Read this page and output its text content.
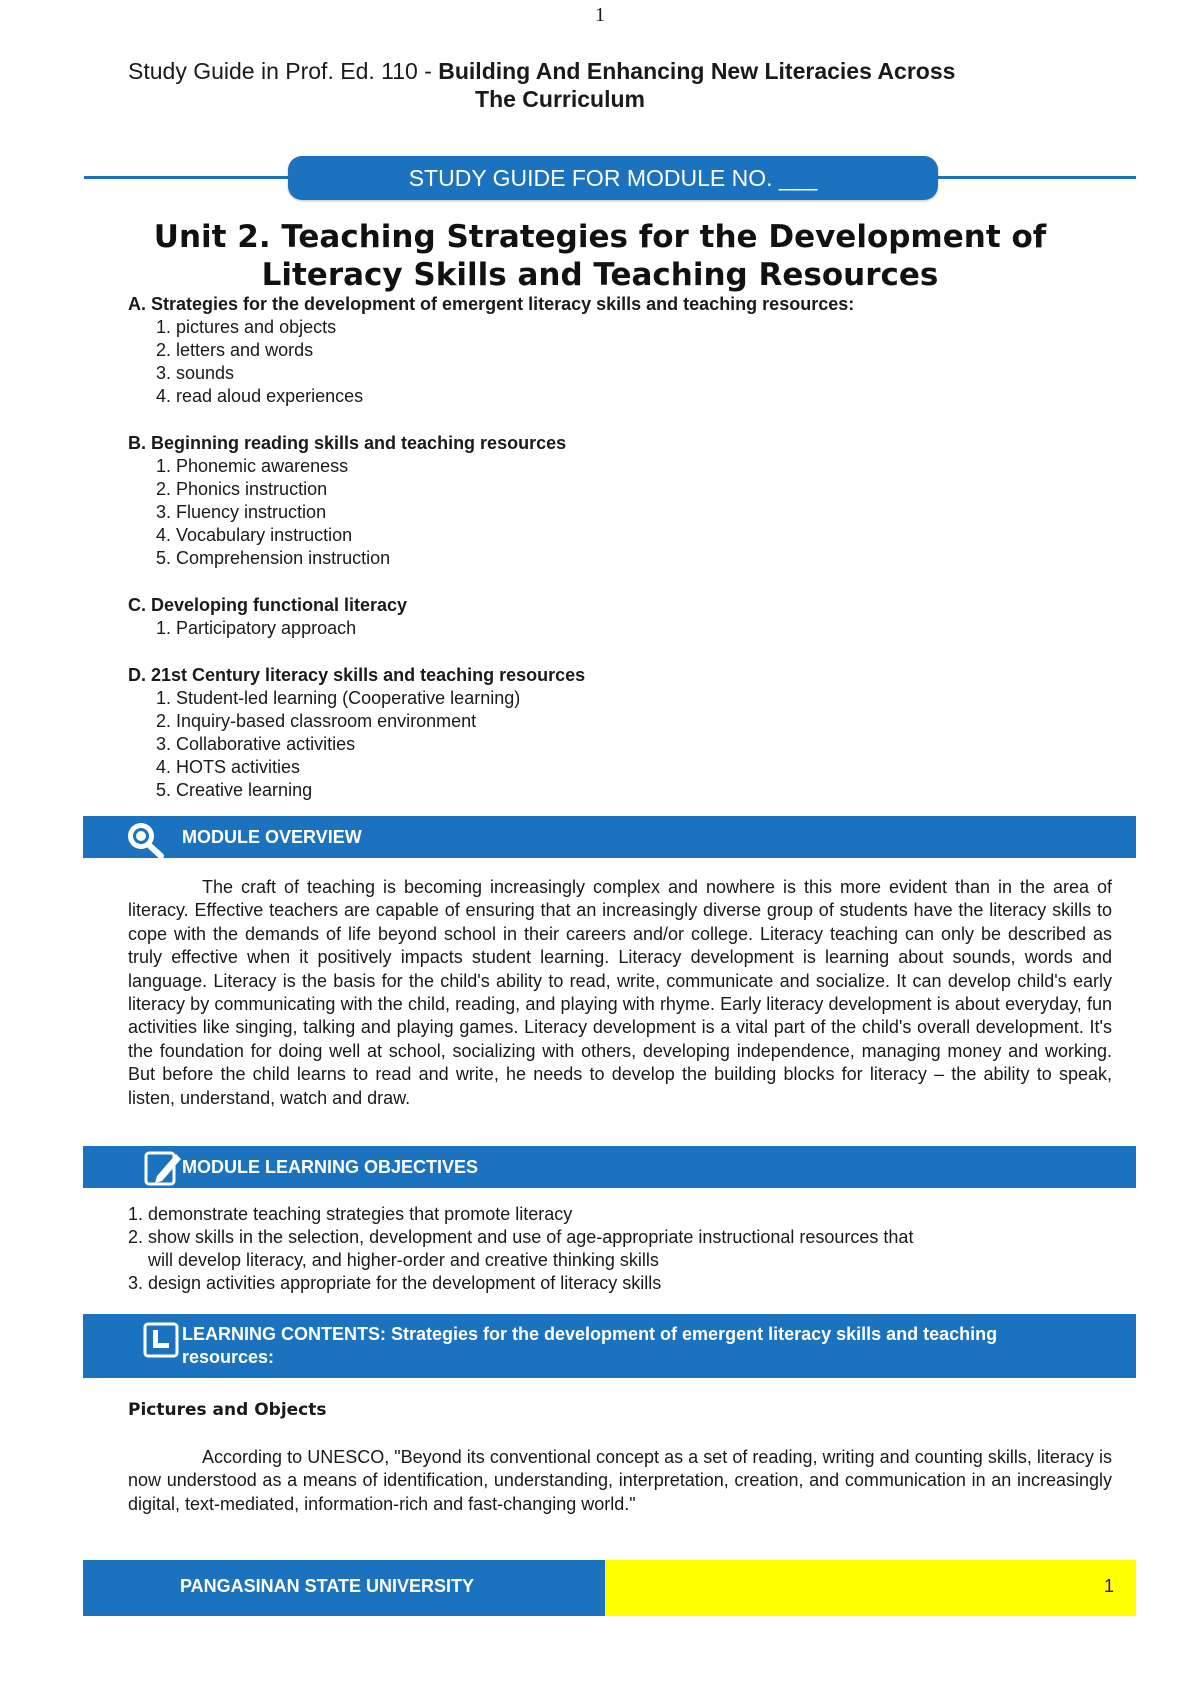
1
Study Guide in Prof. Ed. 110 - Building And Enhancing New Literacies Across
The Curriculum
STUDY GUIDE FOR MODULE NO. ___
Unit 2. Teaching Strategies for the Development of
Literacy Skills and Teaching Resources
A. Strategies for the development of emergent literacy skills and teaching resources:
1. pictures and objects
2. letters and words
3. sounds
4. read aloud experiences
B. Beginning reading skills and teaching resources
1. Phonemic awareness
2. Phonics instruction
3. Fluency instruction
4. Vocabulary instruction
5. Comprehension instruction
C. Developing functional literacy
1. Participatory approach
D. 21st Century literacy skills and teaching resources
1. Student-led learning (Cooperative learning)
2. Inquiry-based classroom environment
3. Collaborative activities
4. HOTS activities
5. Creative learning
MODULE OVERVIEW

The craft of teaching is becoming increasingly complex and nowhere is this more evident than in the area of literacy. Effective teachers are capable of ensuring that an increasingly diverse group of students have the literacy skills to cope with the demands of life beyond school in their careers and/or college. Literacy teaching can only be described as truly effective when it positively impacts student learning. Literacy development is learning about sounds, words and language. Literacy is the basis for the child's ability to read, write, communicate and socialize. It can develop child's early literacy by communicating with the child, reading, and playing with rhyme. Early literacy development is about everyday, fun activities like singing, talking and playing games. Literacy development is a vital part of the child's overall development. It's the foundation for doing well at school, socializing with others, developing independence, managing money and working. But before the child learns to read and write, he needs to develop the building blocks for literacy – the ability to speak, listen, understand, watch and draw.

MODULE LEARNING OBJECTIVES
1. demonstrate teaching strategies that promote literacy
2. show skills in the selection, development and use of age-appropriate instructional resources that
will develop literacy, and higher-order and creative thinking skills
3. design activities appropriate for the development of literacy skills
LEARNING CONTENTS: Strategies for the development of emergent literacy skills and teaching
resources:
Pictures and Objects

According to UNESCO, "Beyond its conventional concept as a set of reading, writing and counting skills, literacy is now understood as a means of identification, understanding, interpretation, creation, and communication in an increasingly digital, text-mediated, information-rich and fast-changing world."

PANGASINAN STATE UNIVERSITY	1
